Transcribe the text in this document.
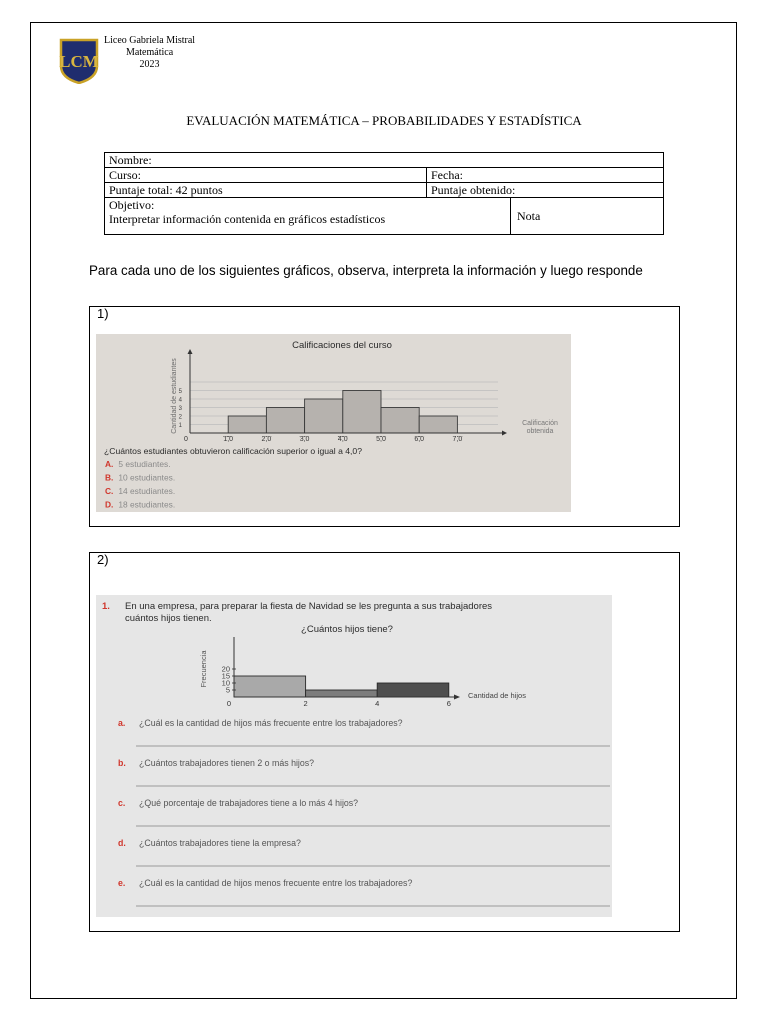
LCM
Liceo Gabriela Mistral
Matemática
2023
EVALUACIÓN MATEMÁTICA – PROBABILIDADES Y ESTADÍSTICA
Nombre:		
Curso:	Fecha:	
Puntaje total: 42 puntos	Puntaje obtenido:	

Objetivo:
Interpretar información contenida en gráficos estadísticos		Nota
Para cada uno de los siguientes gráficos, observa, interpreta la información y luego responde
1)
Calificaciones del curso
Cantidad de estudiantes
0	1,0	2,0	3,0	4,0	5,0	6,0	7,0
1
2
3
4
5
Calificación
obtenida
¿Cuántos estudiantes obtuvieron calificación superior o igual a 4,0?
A. 5 estudiantes.
B. 10 estudiantes.
C. 14 estudiantes.
D. 18 estudiantes.
2)
1. En una empresa, para preparar la fiesta de Navidad se les pregunta a sus trabajadores
cuántos hijos tienen.
¿Cuántos hijos tiene?
Frecuencia
0	2	4	6
5
10
15
20
Cantidad de hijos
a. ¿Cuál es la cantidad de hijos más frecuente entre los trabajadores?
b. ¿Cuántos trabajadores tienen 2 o más hijos?
c. ¿Qué porcentaje de trabajadores tiene a lo más 4 hijos?
d. ¿Cuántos trabajadores tiene la empresa?
e. ¿Cuál es la cantidad de hijos menos frecuente entre los trabajadores?
